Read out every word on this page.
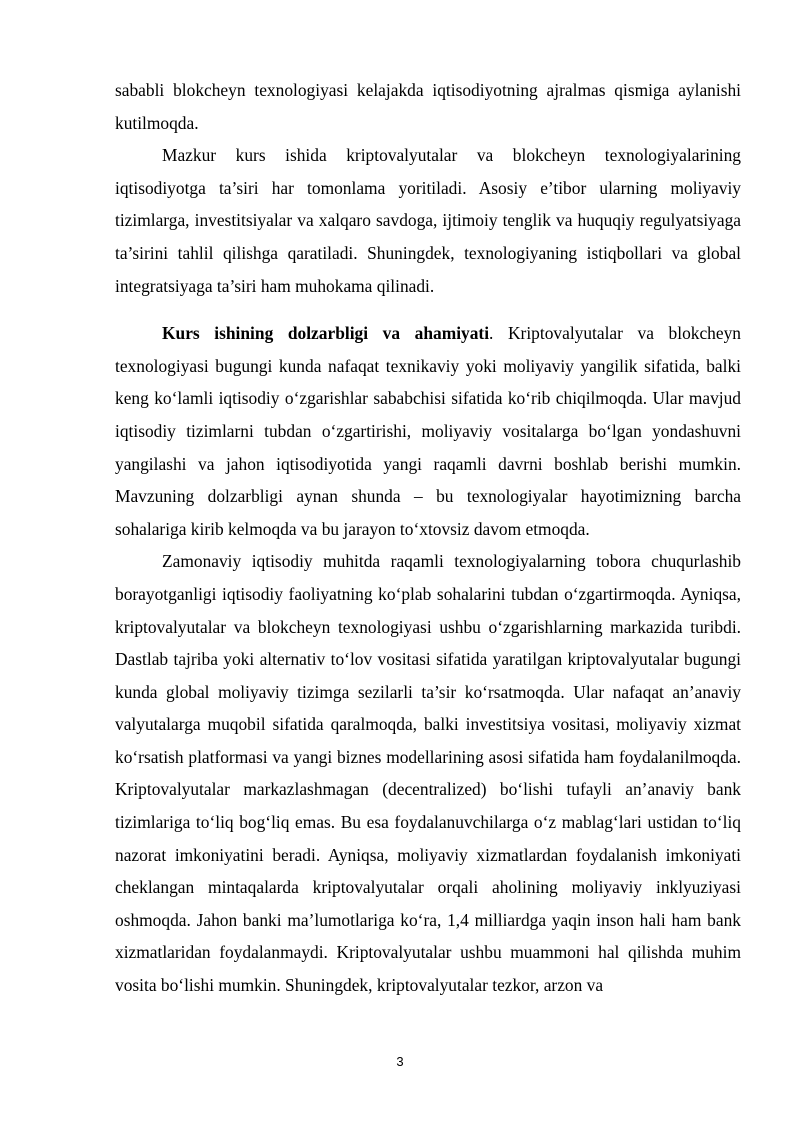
sababli blokcheyn texnologiyasi kelajakda iqtisodiyotning ajralmas qismiga aylanishi kutilmoqda.

Mazkur kurs ishida kriptovalyutalar va blokcheyn texnologiyalarining iqtisodiyotga ta’siri har tomonlama yoritiladi. Asosiy e’tibor ularning moliyaviy tizimlarga, investitsiyalar va xalqaro savdoga, ijtimoiy tenglik va huquqiy regulyatsiyaga ta’sirini tahlil qilishga qaratiladi. Shuningdek, texnologiyaning istiqbollari va global integratsiyaga ta’siri ham muhokama qilinadi.

Kurs ishining dolzarbligi va ahamiyati. Kriptovalyutalar va blokcheyn texnologiyasi bugungi kunda nafaqat texnikaviy yoki moliyaviy yangilik sifatida, balki keng ko‘lamli iqtisodiy o‘zgarishlar sababchisi sifatida ko‘rib chiqilmoqda. Ular mavjud iqtisodiy tizimlarni tubdan o‘zgartirishi, moliyaviy vositalarga bo‘lgan yondashuvni yangilashi va jahon iqtisodiyotida yangi raqamli davrni boshlab berishi mumkin. Mavzuning dolzarbligi aynan shunda – bu texnologiyalar hayotimizning barcha sohalariga kirib kelmoqda va bu jarayon to‘xtovsiz davom etmoqda.

Zamonaviy iqtisodiy muhitda raqamli texnologiyalarning tobora chuqurlashib borayotganligi iqtisodiy faoliyatning ko‘plab sohalarini tubdan o‘zgartirmoqda. Ayniqsa, kriptovalyutalar va blokcheyn texnologiyasi ushbu o‘zgarishlarning markazida turibdi. Dastlab tajriba yoki alternativ to‘lov vositasi sifatida yaratilgan kriptovalyutalar bugungi kunda global moliyaviy tizimga sezilarli ta’sir ko‘rsatmoqda. Ular nafaqat an’anaviy valyutalarga muqobil sifatida qaralmoqda, balki investitsiya vositasi, moliyaviy xizmat ko‘rsatish platformasi va yangi biznes modellarining asosi sifatida ham foydalanilmoqda. Kriptovalyutalar markazlashmagan (decentralized) bo‘lishi tufayli an’anaviy bank tizimlariga to‘liq bog‘liq emas. Bu esa foydalanuvchilarga o‘z mablag‘lari ustidan to‘liq nazorat imkoniyatini beradi. Ayniqsa, moliyaviy xizmatlardan foydalanish imkoniyati cheklangan mintaqalarda kriptovalyutalar orqali aholining moliyaviy inklyuziyasi oshmoqda. Jahon banki ma’lumotlariga ko‘ra, 1,4 milliardga yaqin inson hali ham bank xizmatlaridan foydalanmaydi. Kriptovalyutalar ushbu muammoni hal qilishda muhim vosita bo‘lishi mumkin. Shuningdek, kriptovalyutalar tezkor, arzon va

3
